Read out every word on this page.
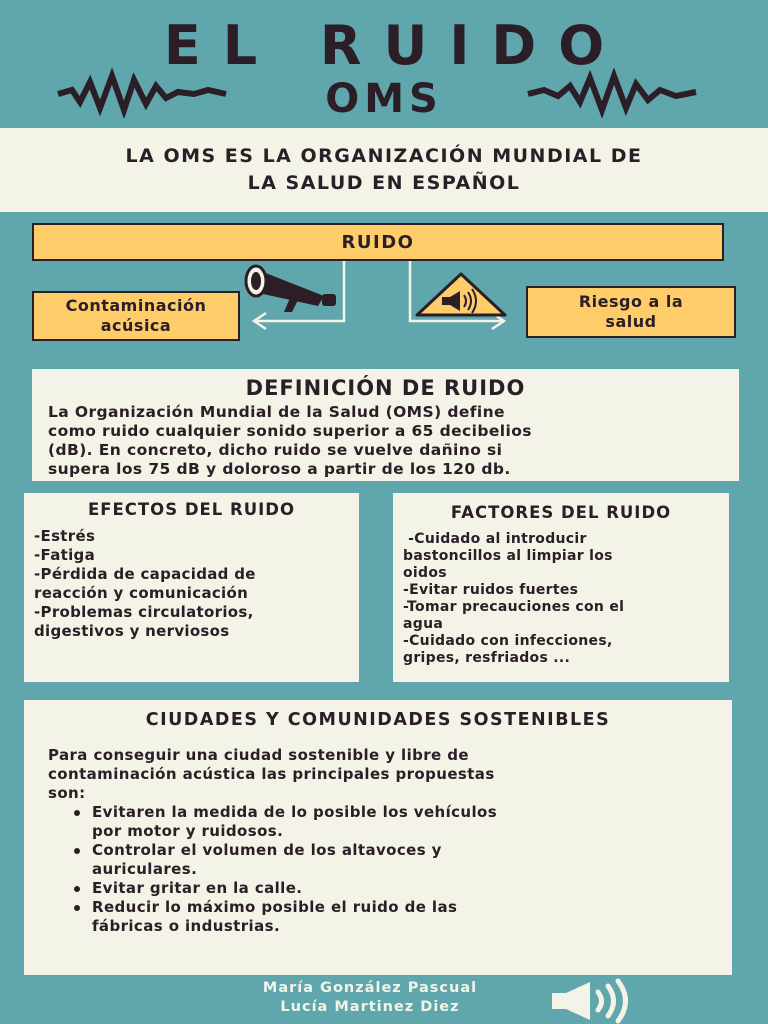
EL RUIDO
OMS
LA OMS ES LA ORGANIZACIÓN MUNDIAL DE
LA SALUD EN ESPAÑOL
RUIDO
Contaminación
acúsica
Riesgo a la
salud
DEFINICIÓN DE RUIDO

La Organización Mundial de la Salud (OMS) define
como ruido cualquier sonido superior a 65 decibelios
(dB). En concreto, dicho ruido se vuelve dañino si
supera los 75 dB y doloroso a partir de los 120 db.

EFECTOS DEL RUIDO
-Estrés
-Fatiga
-Pérdida de capacidad de
reacción y comunicación
-Problemas circulatorios,
digestivos y nerviosos
FACTORES DEL RUIDO
-Cuidado al introducir
bastoncillos al limpiar los
oidos
-Evitar ruidos fuertes
-Tomar precauciones con el
agua
-Cuidado con infecciones,
gripes, resfriados ...
CIUDADES Y COMUNIDADES SOSTENIBLES

Para conseguir una ciudad sostenible y libre de
contaminación acústica las principales propuestas
son:

Evitaren la medida de lo posible los vehículos
por motor y ruidosos.
Controlar el volumen de los altavoces y
auriculares.
Evitar gritar en la calle.
Reducir lo máximo posible el ruido de las
fábricas o industrias.
María González Pascual
Lucía Martinez Diez
